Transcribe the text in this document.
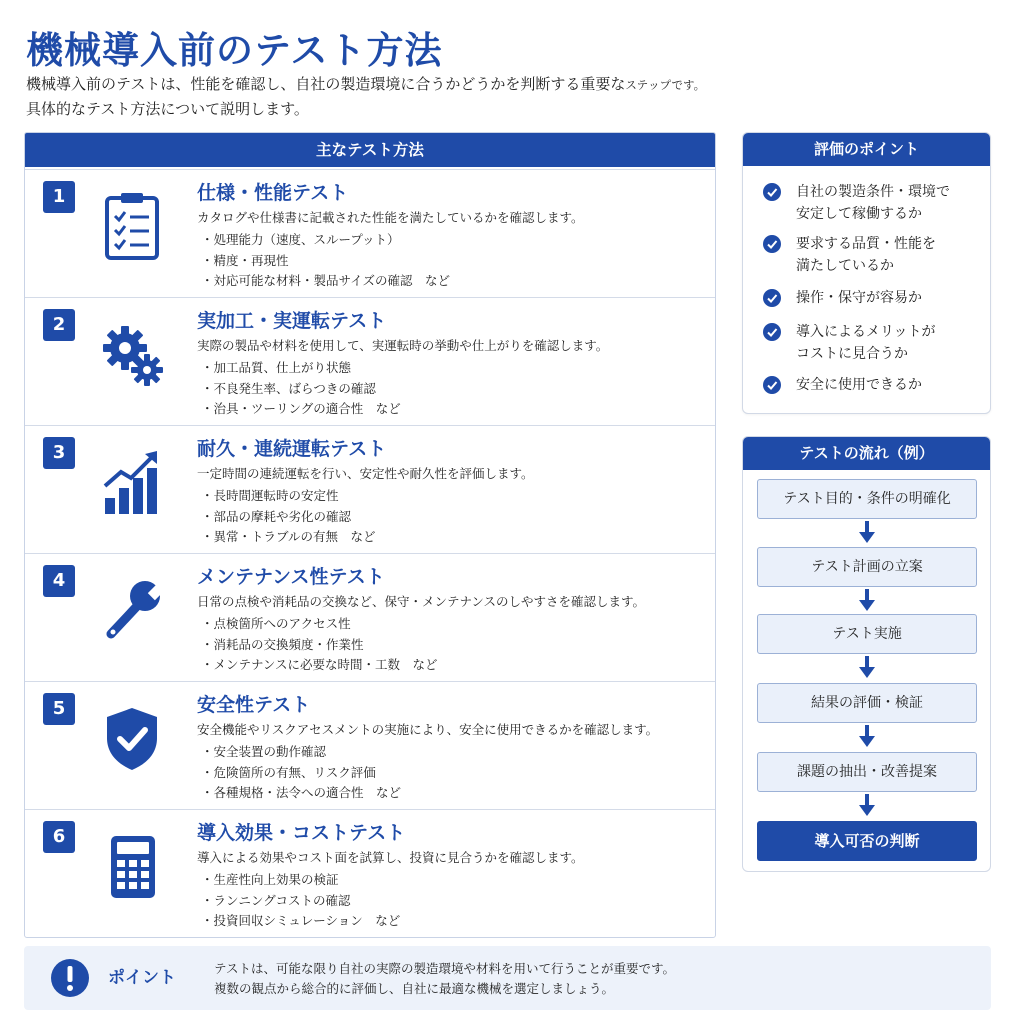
機械導入前のテスト方法
機械導入前のテストは、性能を確認し、自社の製造環境に合うかどうかを判断する重要なステップです。
具体的なテスト方法について説明します。
主なテスト方法
1	仕様・性能テスト
カタログや仕様書に記載された性能を満たしているかを確認します。
・ 処理能力（速度、スループット）
・ 精度・再現性
・ 対応可能な材料・製品サイズの確認　など
2	実加工・実運転テスト
実際の製品や材料を使用して、実運転時の挙動や仕上がりを確認します。
・ 加工品質、仕上がり状態
・ 不良発生率、ばらつきの確認
・ 治具・ツーリングの適合性　など
3	耐久・連続運転テスト
一定時間の連続運転を行い、安定性や耐久性を評価します。
・ 長時間運転時の安定性
・ 部品の摩耗や劣化の確認
・ 異常・トラブルの有無　など
4	メンテナンス性テスト
日常の点検や消耗品の交換など、保守・メンテナンスのしやすさを確認します。
・ 点検箇所へのアクセス性
・ 消耗品の交換頻度・作業性
・ メンテナンスに必要な時間・工数　など
5	安全性テスト
安全機能やリスクアセスメントの実施により、安全に使用できるかを確認します。
・ 安全装置の動作確認
・ 危険箇所の有無、リスク評価
・ 各種規格・法令への適合性　など
6	導入効果・コストテスト
導入による効果やコスト面を試算し、投資に見合うかを確認します。
・ 生産性向上効果の検証
・ ランニングコストの確認
・ 投資回収シミュレーション　など
評価のポイント
自社の製造条件・環境で
安定して稼働するか
要求する品質・性能を
満たしているか
操作・保守が容易か
導入によるメリットが
コストに見合うか
安全に使用できるか
テストの流れ（例）
テスト目的・条件の明確化
テスト計画の立案
テスト実施
結果の評価・検証
課題の抽出・改善提案
導入可否の判断
ポイント	テストは、可能な限り自社の実際の製造環境や材料を用いて行うことが重要です。
複数の観点から総合的に評価し、自社に最適な機械を選定しましょう。
